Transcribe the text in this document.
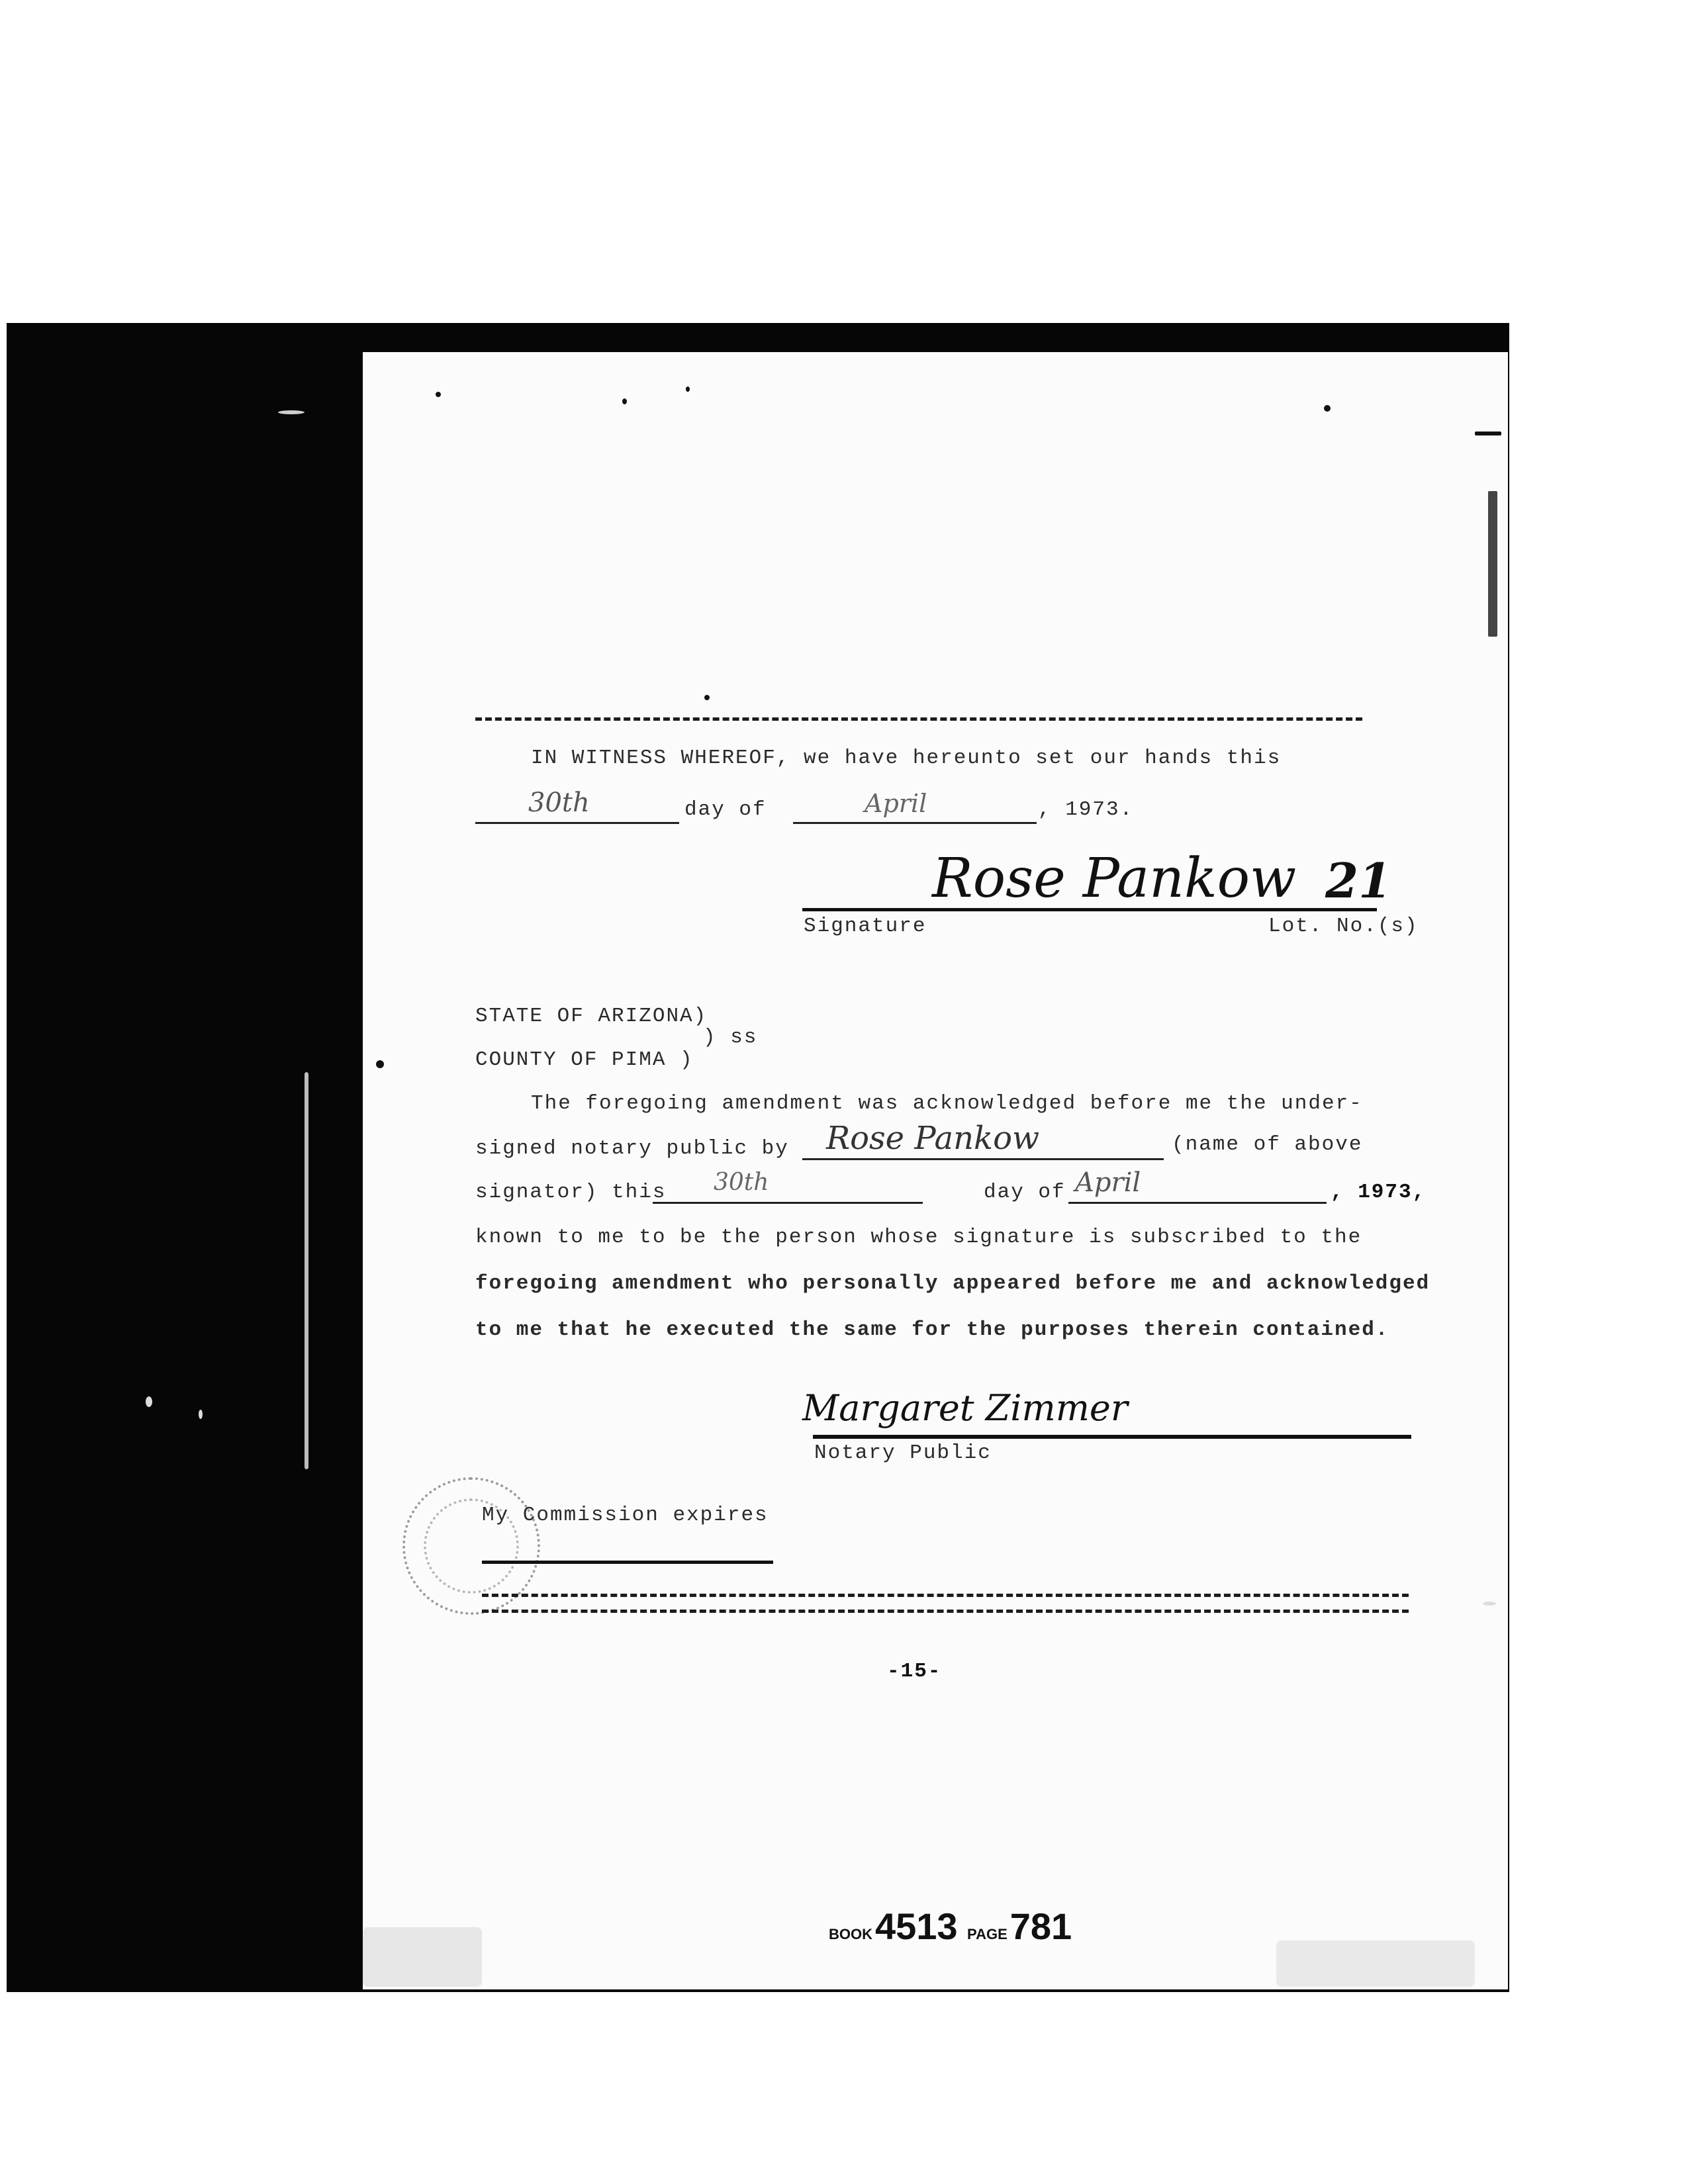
IN WITNESS WHEREOF, we have hereunto set our hands this
30th	day of	April	, 1973.
Rose Pankow 21
Signature	Lot. No.(s)
STATE OF ARIZONA)
) ss
COUNTY OF PIMA )
The foregoing amendment was acknowledged before me the under-
signed notary public by Rose Pankow	(name of above
signator) this 30th	day of April	, 1973,
known to me to be the person whose signature is subscribed to the
foregoing amendment who personally appeared before me and acknowledged
to me that he executed the same for the purposes therein contained.
Margaret Zimmer
Notary Public
My Commission expires
-15-
BOOK4513 PAGE781
